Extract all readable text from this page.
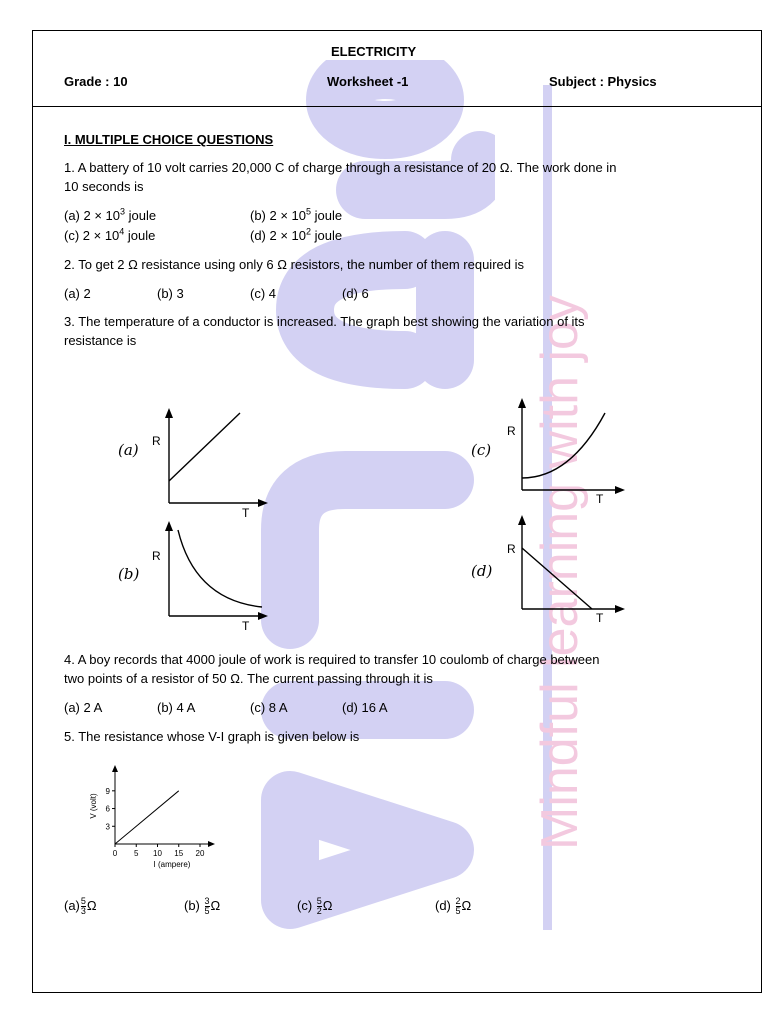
Mindful learning with joy
ELECTRICITY
Grade : 10	Worksheet -1	Subject : Physics
I. MULTIPLE CHOICE QUESTIONS
1. A battery of 10 volt carries 20,000 C of charge through a resistance of 20 Ω. The work done in
10 seconds is
(a) $2 \times 10^3$ joule	(b) $2 \times 10^5$ joule
(c) $2 \times 10^4$ joule	(d) $2 \times 10^2$ joule
2. To get 2 Ω resistance using only 6 Ω resistors, the number of them required is
(a) 2	(b) 3	(c) 4	(d) 6
3. The temperature of a conductor is increased. The graph best showing the variation of its
resistance is
(a) R
T
(b)
R
T
(c)
R
T
(d)
R
T
4. A boy records that 4000 joule of work is required to transfer 10 coulomb of charge between
two points of a resistor of 50 Ω. The current passing through it is
(a) 2 A	(b) 4 A	(c) 8 A	(d) 16 A
5. The resistance whose V-I graph is given below is
0 5 10 15 20
3
6
9
I (ampere)
V (volt)
$(a) \frac{5}{3}$ Ω	$(b) \frac{3}{5}$ Ω	$(c) \frac{5}{2}$ Ω	$(d) \frac{2}{5}$ Ω
